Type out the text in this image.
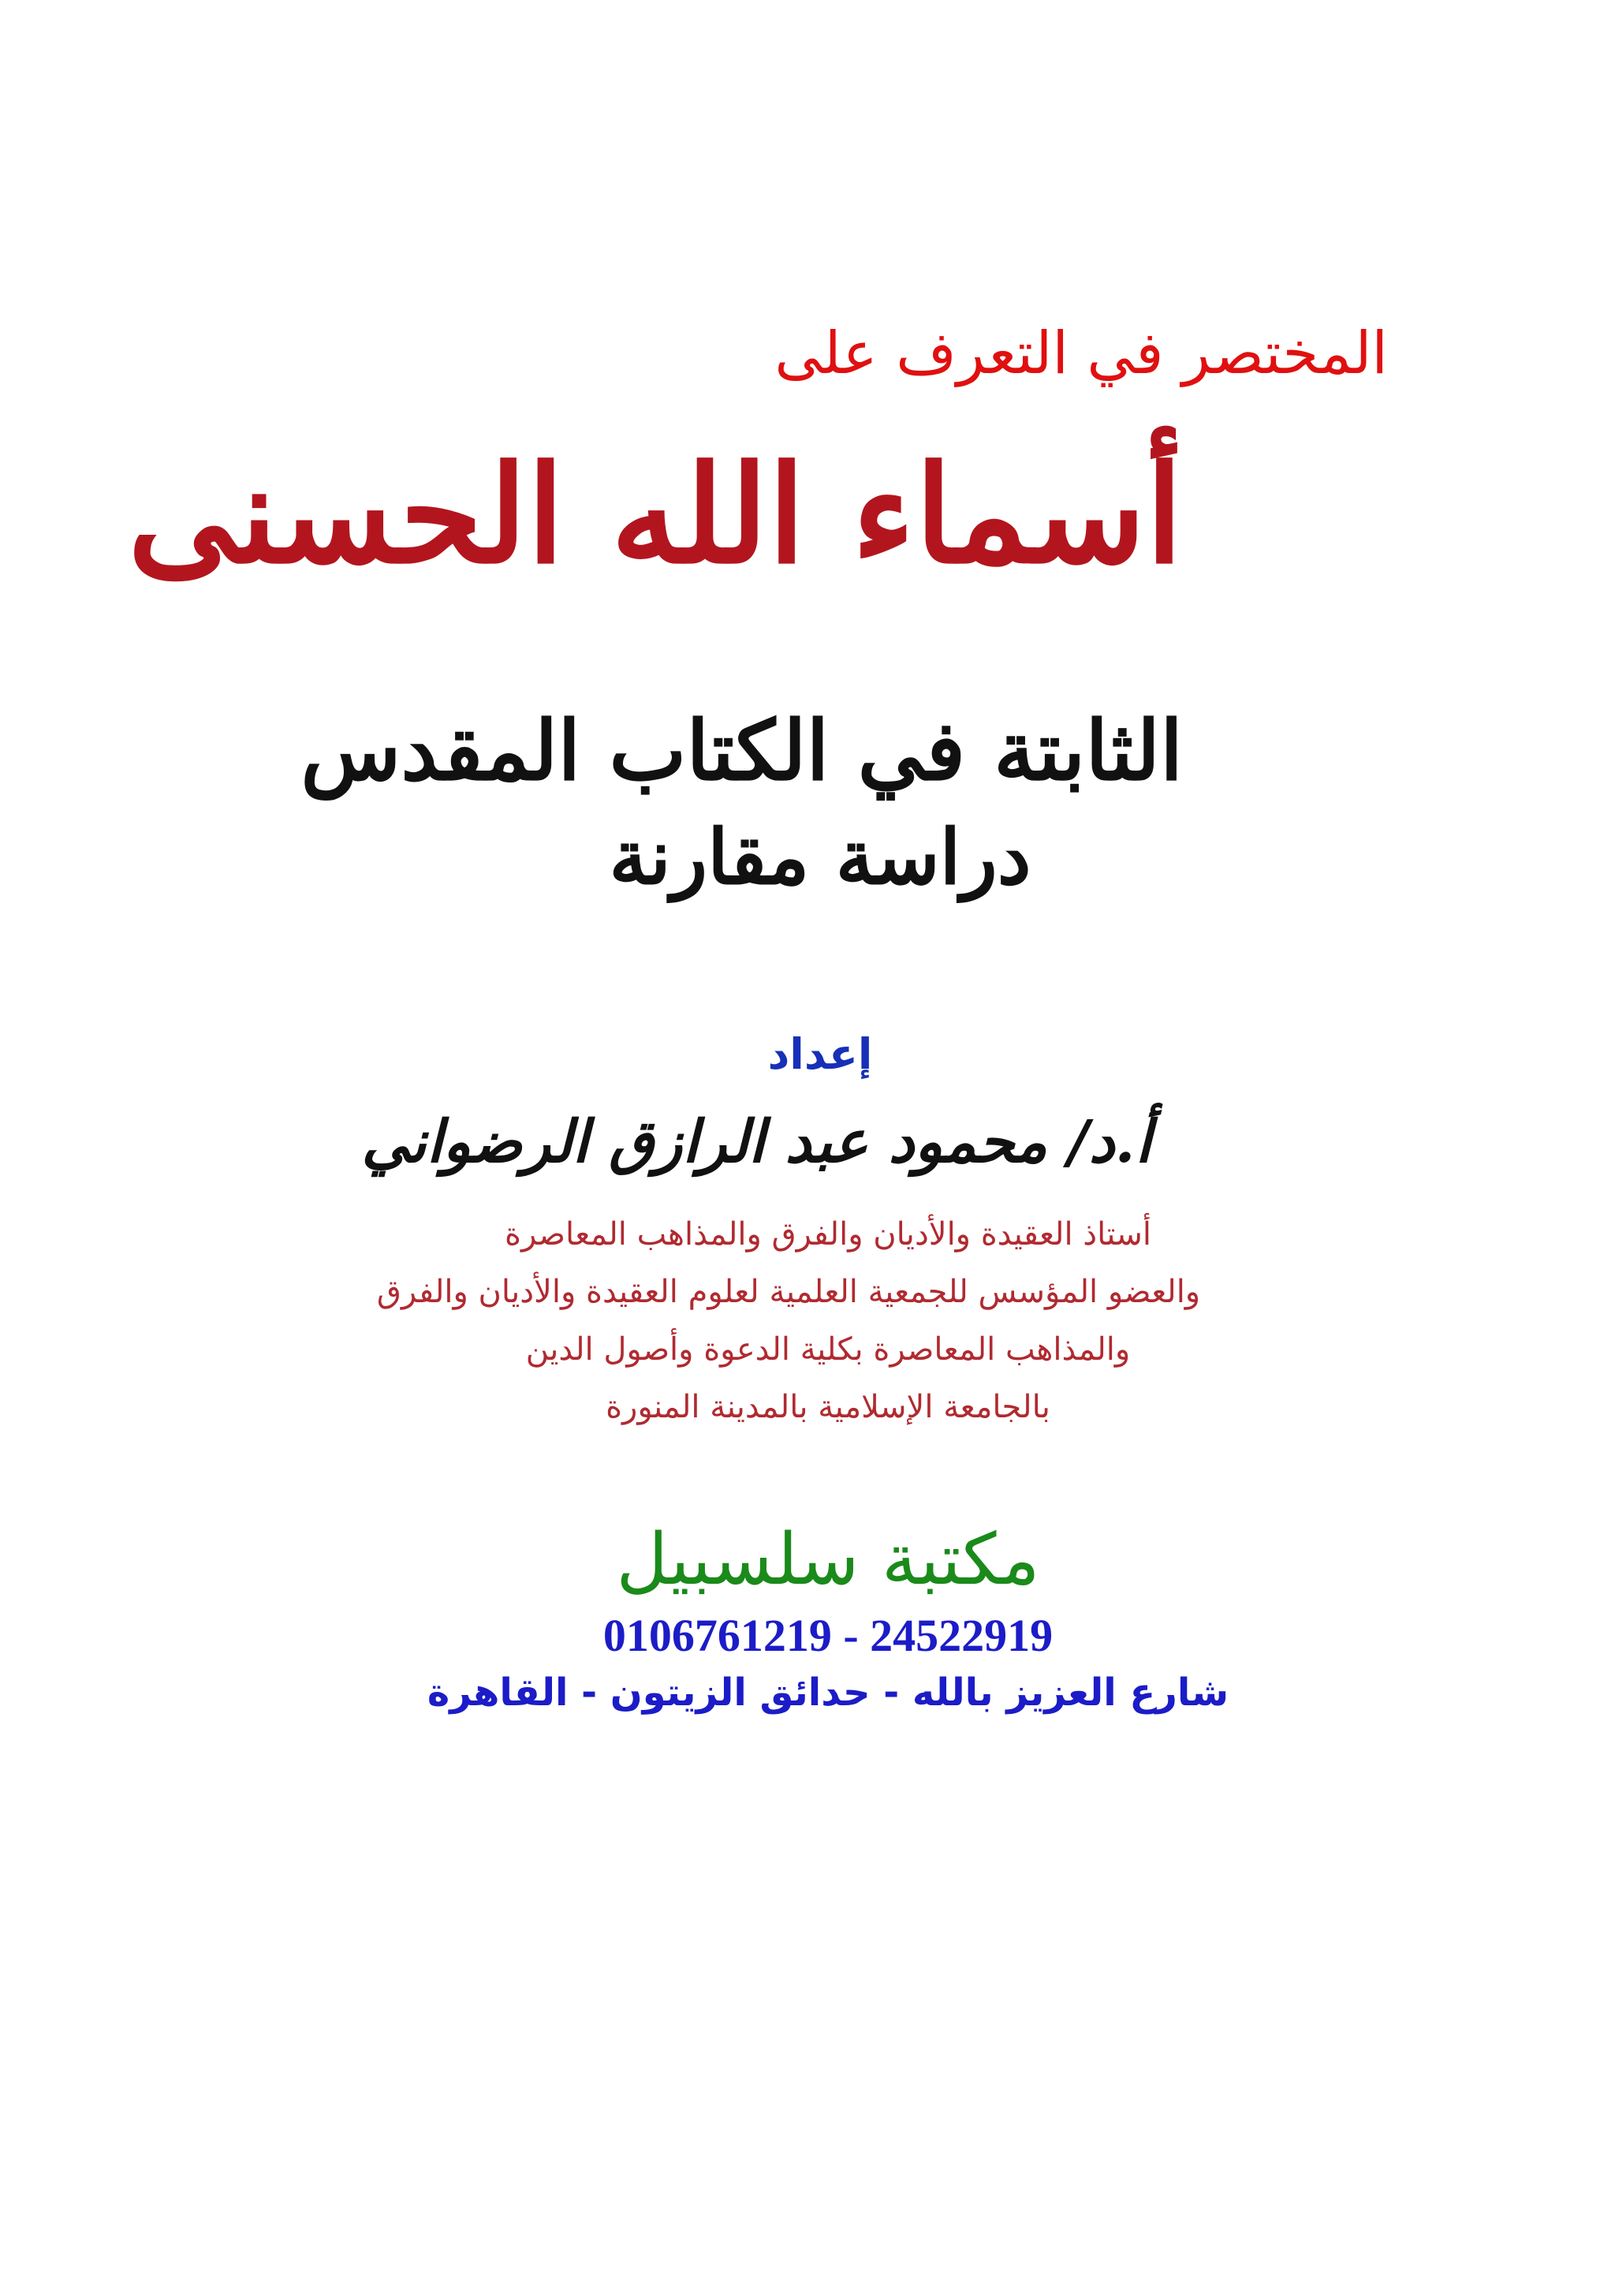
المختصر في التعرف على
أسماء الله الحسنى
الثابتة في الكتاب المقدس
دراسة مقارنة
إعداد
أ.د/ محمود عبد الرازق الرضواني
أستاذ العقيدة والأديان والفرق والمذاهب المعاصرة
والعضو المؤسس للجمعية العلمية لعلوم العقيدة والأديان والفرق
والمذاهب المعاصرة بكلية الدعوة وأصول الدين
بالجامعة الإسلامية بالمدينة المنورة
مكتبة سلسبيل
0106761219 - 24522919
شارع العزيز بالله - حدائق الزيتون - القاهرة
